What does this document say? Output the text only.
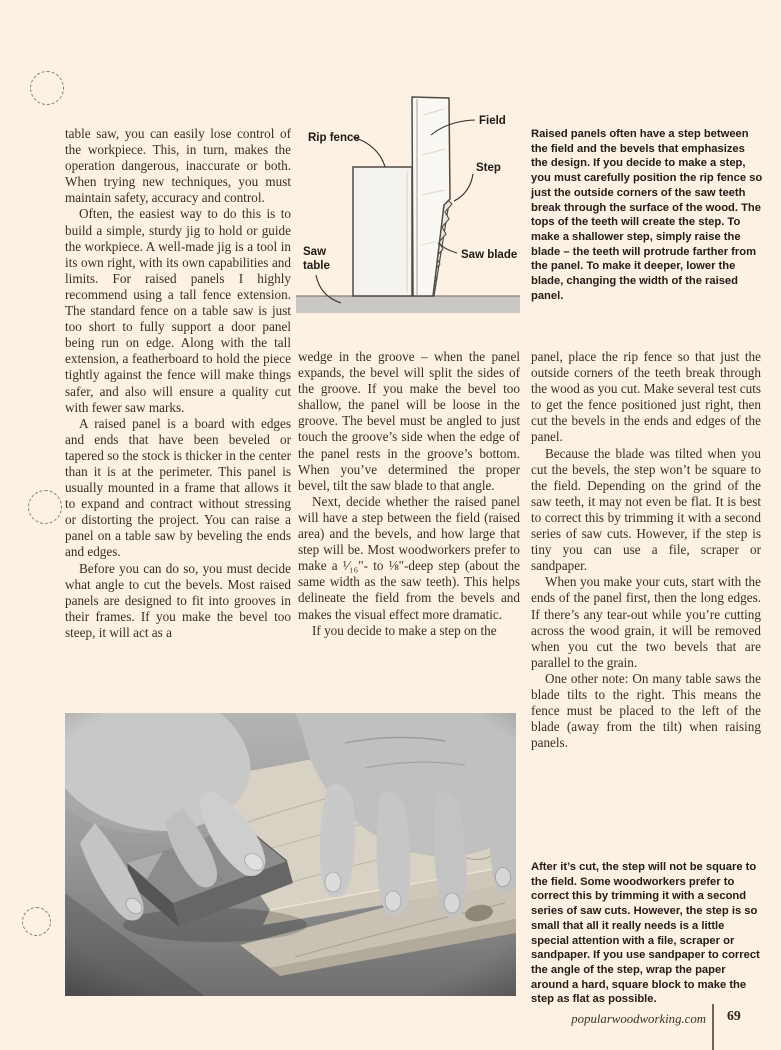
table saw, you can easily lose control of the workpiece. This, in turn, makes the operation dangerous, inaccurate or both. When trying new techniques, you must maintain safety, accuracy and control.

Often, the easiest way to do this is to build a simple, sturdy jig to hold or guide the workpiece. A well-made jig is a tool in its own right, with its own capabilities and limits. For raised panels I highly recommend using a tall fence extension. The standard fence on a table saw is just too short to fully support a door panel being run on edge. Along with the tall extension, a featherboard to hold the piece tightly against the fence will make things safer, and also will ensure a quality cut with fewer saw marks.

A raised panel is a board with edges and ends that have been beveled or tapered so the stock is thicker in the center than it is at the perimeter. This panel is usually mounted in a frame that allows it to expand and contract without stressing or distorting the project. You can raise a panel on a table saw by beveling the ends and edges.

Before you can do so, you must decide what angle to cut the bevels. Most raised panels are designed to fit into grooves in their frames. If you make the bevel too steep, it will act as a

Rip fence
Field
Step
Saw blade
Saw
table
Raised panels often have a step between the field and the bevels that emphasizes the design. If you decide to make a step, you must carefully position the rip fence so just the outside corners of the saw teeth break through the surface of the wood. The tops of the teeth will create the step. To make a shallower step, simply raise the blade – the teeth will protrude farther from the panel. To make it deeper, lower the blade, changing the width of the raised panel.

wedge in the groove – when the panel expands, the bevel will split the sides of the groove. If you make the bevel too shallow, the panel will be loose in the groove. The bevel must be angled to just touch the groove’s side when the edge of the panel rests in the groove’s bottom. When you’ve determined the proper bevel, tilt the saw blade to that angle.

Next, decide whether the raised panel will have a step between the field (raised area) and the bevels, and how large that step will be. Most woodworkers prefer to make a ¹⁄₁₆"- to ⅛"-deep step (about the same width as the saw teeth). This helps delineate the field from the bevels and makes the visual effect more dramatic.

If you decide to make a step on the

panel, place the rip fence so that just the outside corners of the teeth break through the wood as you cut. Make several test cuts to get the fence positioned just right, then cut the bevels in the ends and edges of the panel.

Because the blade was tilted when you cut the bevels, the step won’t be square to the field. Depending on the grind of the saw teeth, it may not even be flat. It is best to correct this by trimming it with a second series of saw cuts. However, if the step is tiny you can use a file, scraper or sandpaper.

When you make your cuts, start with the ends of the panel first, then the long edges. If there’s any tear-out while you’re cutting across the wood grain, it will be removed when you cut the two bevels that are parallel to the grain.

One other note: On many table saws the blade tilts to the right. This means the fence must be placed to the left of the blade (away from the tilt) when raising panels.

After it’s cut, the step will not be square to the field. Some woodworkers prefer to correct this by trimming it with a second series of saw cuts. However, the step is so small that all it really needs is a little special attention with a file, scraper or sandpaper. If you use sandpaper to correct the angle of the step, wrap the paper around a hard, square block to make the step as flat as possible.
popularwoodworking.com 69
